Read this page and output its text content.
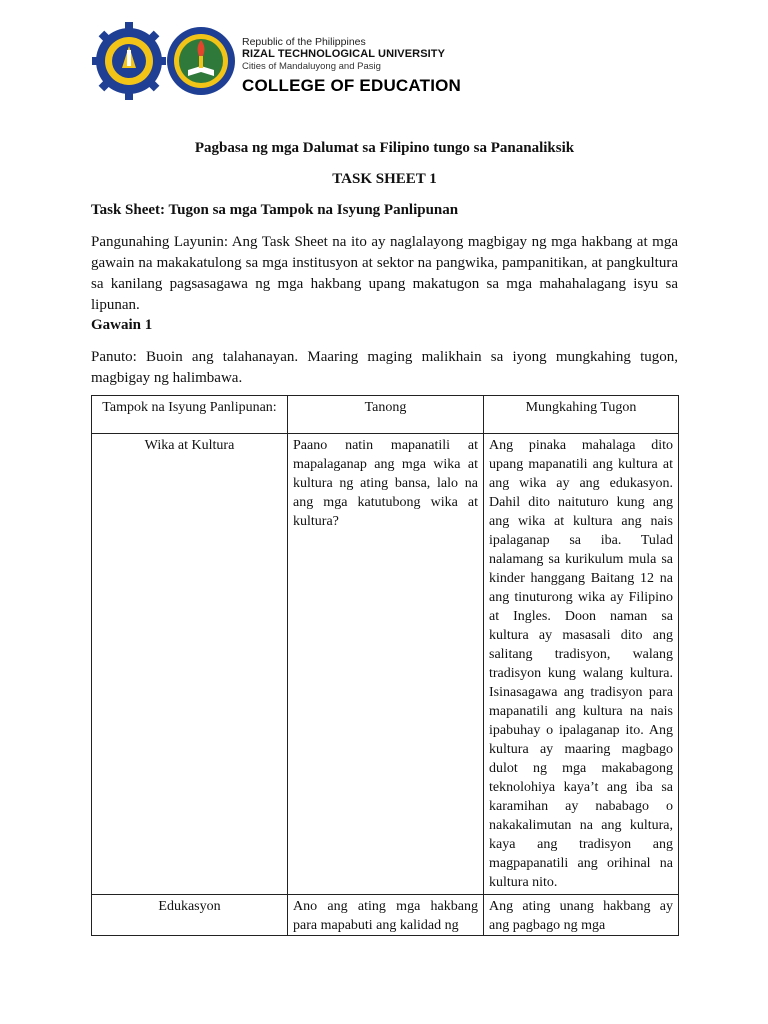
Republic of the Philippines
RIZAL TECHNOLOGICAL UNIVERSITY
Cities of Mandaluyong and Pasig
COLLEGE OF EDUCATION
Pagbasa ng mga Dalumat sa Filipino tungo sa Pananaliksik
TASK SHEET 1
Task Sheet: Tugon sa mga Tampok na Isyung Panlipunan
Pangunahing Layunin: Ang Task Sheet na ito ay naglalayong magbigay ng mga hakbang at mga gawain na makakatulong sa mga institusyon at sektor na pangwika, pampanitikan, at pangkultura sa kanilang pagsasagawa ng mga hakbang upang makatugon sa mga mahahalagang isyu sa lipunan.
Gawain 1
Panuto: Buoin ang talahanayan. Maaring maging malikhain sa iyong mungkahing tugon, magbigay ng halimbawa.
Tampok na Isyung Panlipunan:	Tanong	Mungkahing Tugon
Wika at Kultura	Paano natin mapanatili at mapalaganap ang mga wika at kultura ng ating bansa, lalo na ang mga katutubong wika at kultura?	Ang pinaka mahalaga dito upang mapanatili ang kultura at ang wika ay ang edukasyon. Dahil dito naituturo kung ang ang wika at kultura ang nais ipalaganap sa iba. Tulad nalamang sa kurikulum mula sa kinder hanggang Baitang 12 na ang tinuturong wika ay Filipino at Ingles. Doon naman sa kultura ay masasali dito ang salitang tradisyon, walang tradisyon kung walang kultura. Isinasagawa ang tradisyon para mapanatili ang kultura na nais ipabuhay o ipalaganap ito. Ang kultura ay maaring magbago dulot ng mga makabagong teknolohiya kaya’t ang iba sa karamihan ay nababago o nakakalimutan na ang kultura, kaya ang tradisyon ang magpapanatili ang orihinal na kultura nito.

Edukasyon	Ano ang ating mga hakbang para mapabuti ang kalidad ng	Ang ating unang hakbang ay ang pagbago ng mga
